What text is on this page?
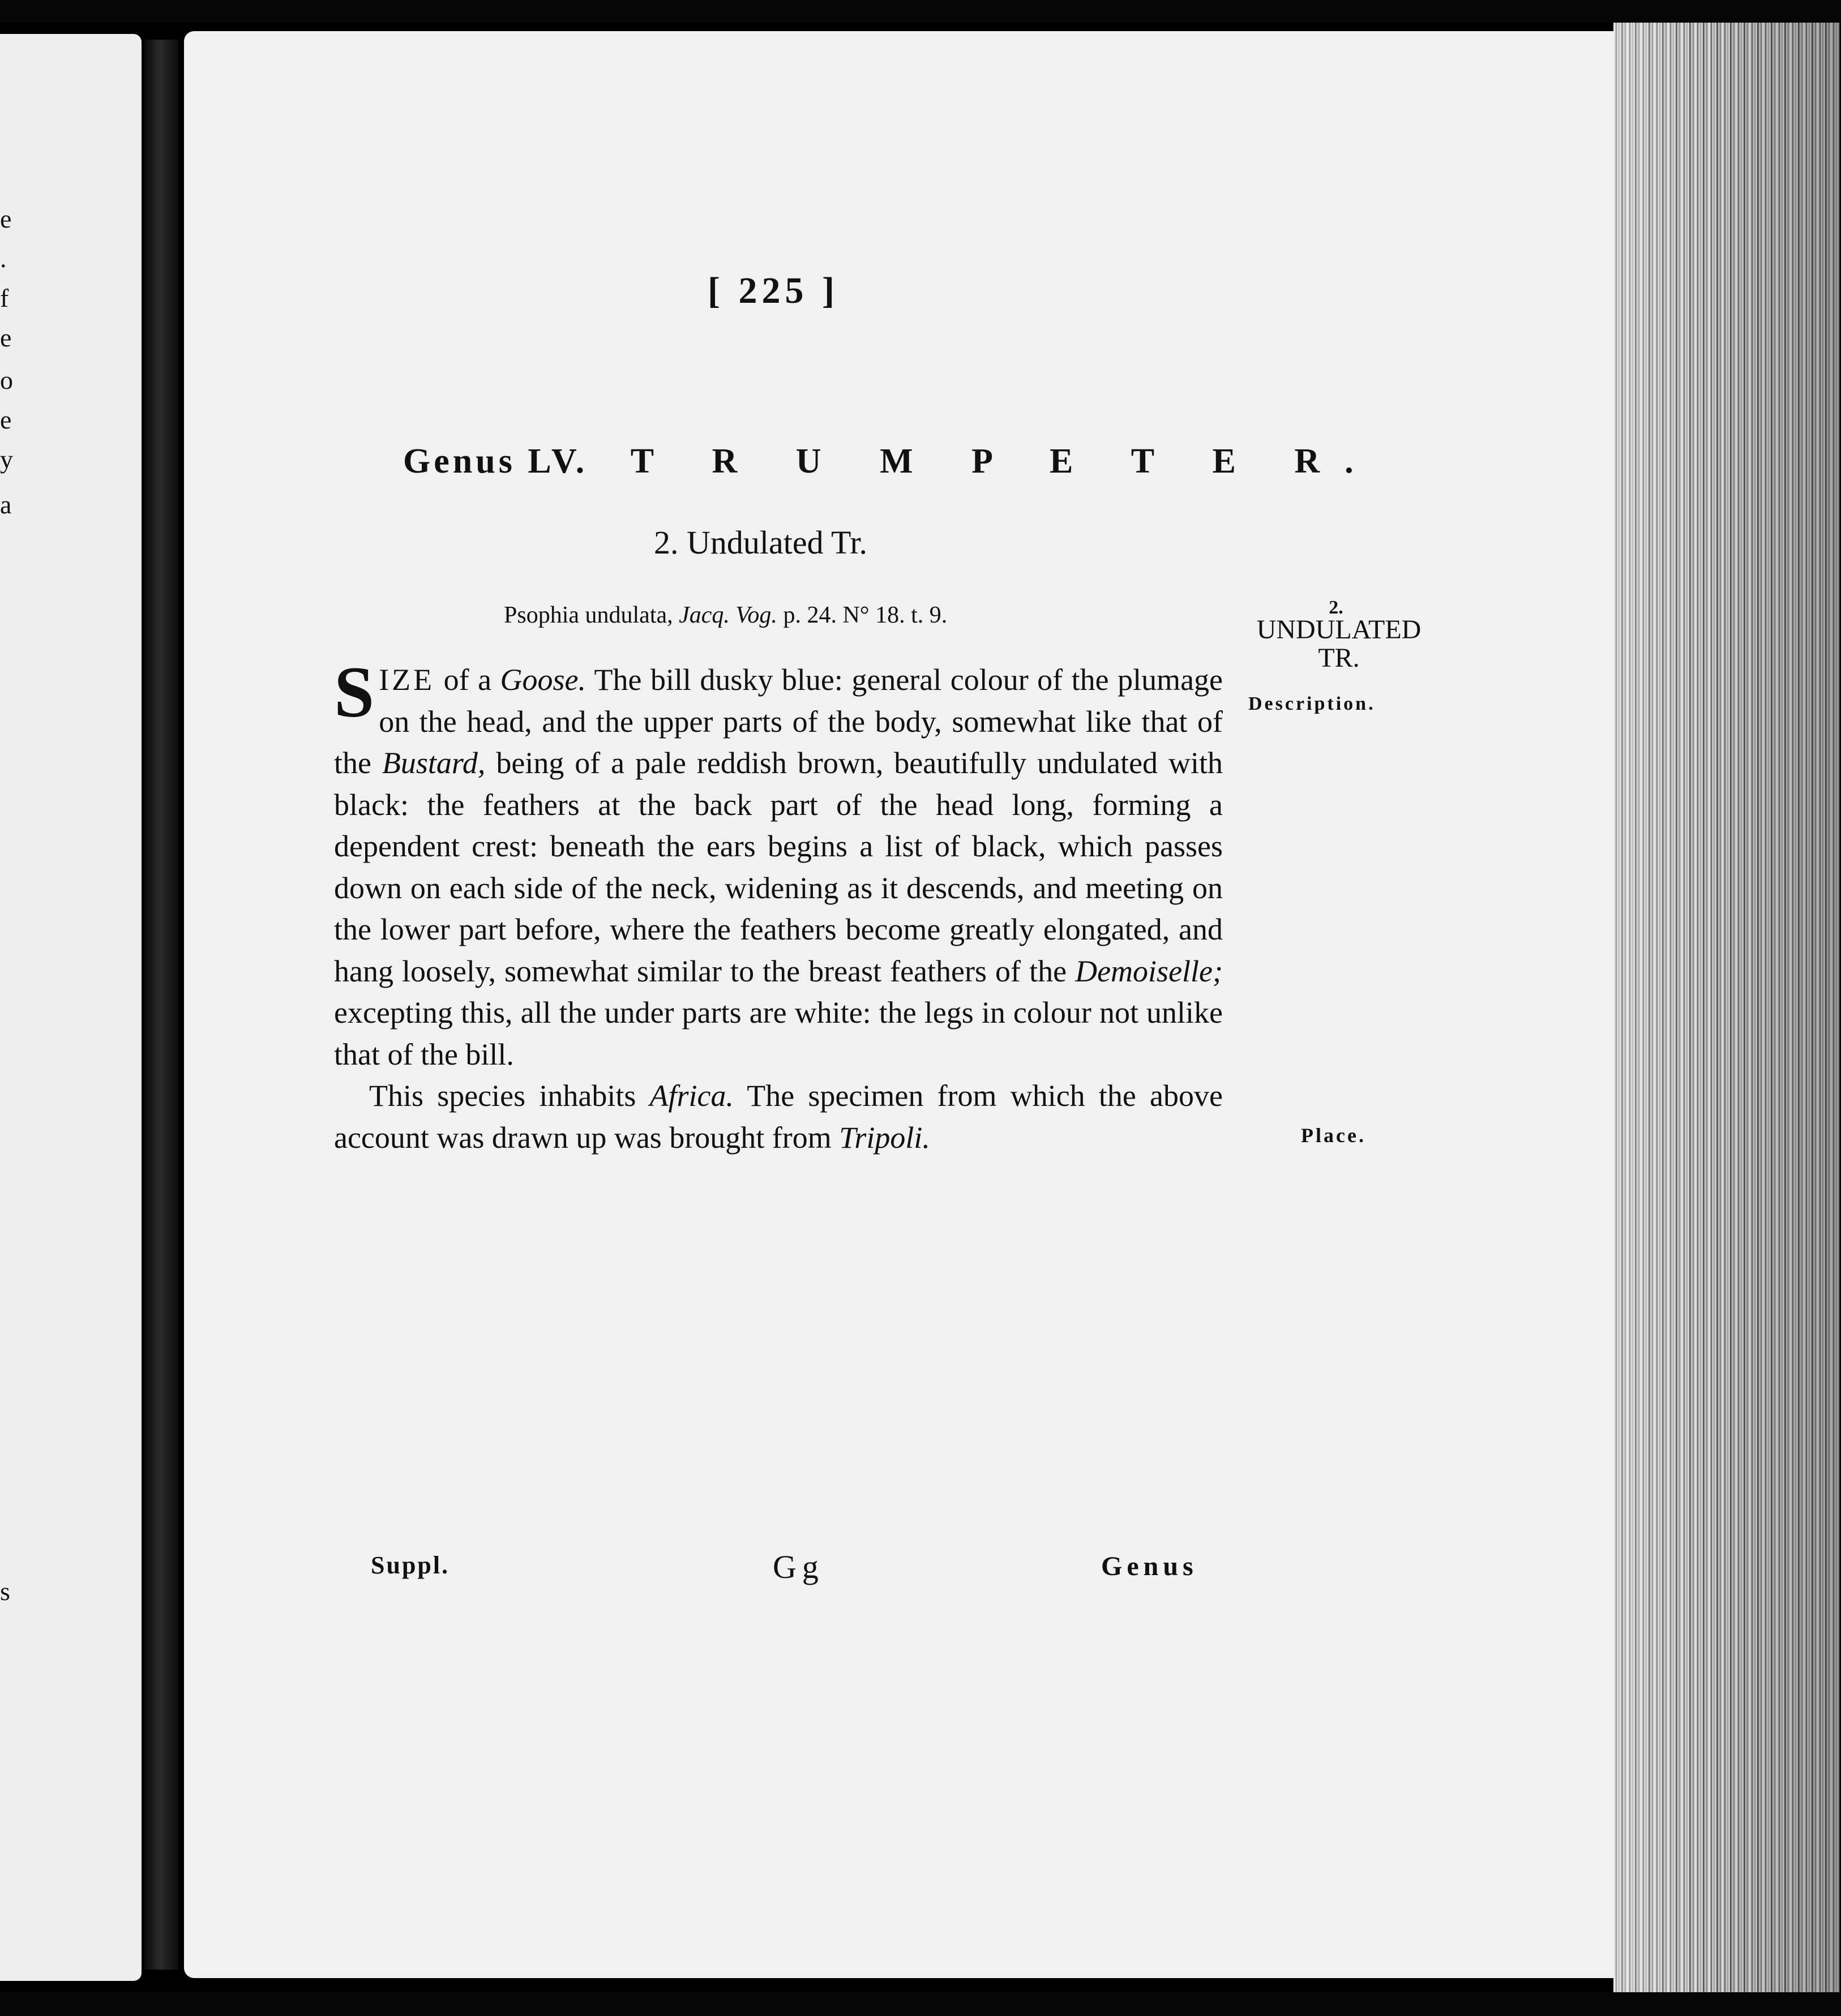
e
.
f
e
o
e
y
a
s
[ 225 ]
Genus LV. T R U M P E T E R.
2. Undulated Tr.
Psophia undulata, Jacq. Vog. p. 24. N° 18. t. 9.

SIZE of a Goose. The bill dusky blue: general colour of the plumage on the head, and the upper parts of the body, somewhat like that of the Bustard, being of a pale reddish brown, beautifully undulated with black: the feathers at the back part of the head long, forming a dependent crest: beneath the ears begins a list of black, which passes down on each side of the neck, widening as it descends, and meeting on the lower part before, where the feathers become greatly elongated, and hang loosely, somewhat similar to the breast feathers of the Demoiselle; excepting this, all the under parts are white: the legs in colour not unlike that of the bill.

This species inhabits Africa. The specimen from which the above account was drawn up was brought from Tripoli.

2.
UNDULATED TR.
Description.
Place.
Suppl.	Gg	Genus
